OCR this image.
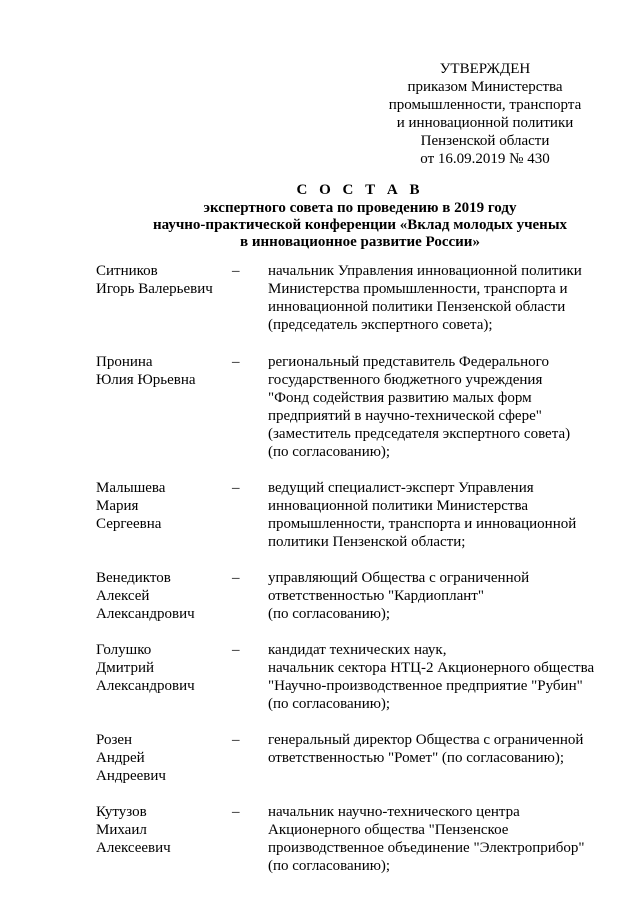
УТВЕРЖДЕН
приказом Министерства
промышленности, транспорта
и инновационной политики
Пензенской области
от 16.09.2019 № 430
С О С Т А В
экспертного совета по проведению в 2019 году
научно-практической конференции «Вклад молодых ученых
в инновационное развитие России»
Ситников
Игорь Валерьевич
–	начальник Управления инновационной политики
Министерства промышленности, транспорта и
инновационной политики Пензенской области
(председатель экспертного совета);
Пронина
Юлия Юрьевна
–	региональный представитель Федерального
государственного бюджетного учреждения
"Фонд содействия развитию малых форм
предприятий в научно-технической сфере"
(заместитель председателя экспертного совета)
(по согласованию);
Малышева
Мария
Сергеевна
–	ведущий специалист-эксперт Управления
инновационной политики Министерства
промышленности, транспорта и инновационной
политики Пензенской области;
Венедиктов
Алексей
Александрович
–	управляющий Общества с ограниченной
ответственностью "Кардиоплант"
(по согласованию);
Голушко
Дмитрий
Александрович
–	кандидат технических наук,
начальник сектора НТЦ-2 Акционерного общества
"Научно-производственное предприятие "Рубин"
(по согласованию);
Розен
Андрей
Андреевич
–	генеральный директор Общества с ограниченной
ответственностью "Ромет" (по согласованию);
Кутузов
Михаил
Алексеевич
–	начальник научно-технического центра
Акционерного общества "Пензенское
производственное объединение "Электроприбор"
(по согласованию);
